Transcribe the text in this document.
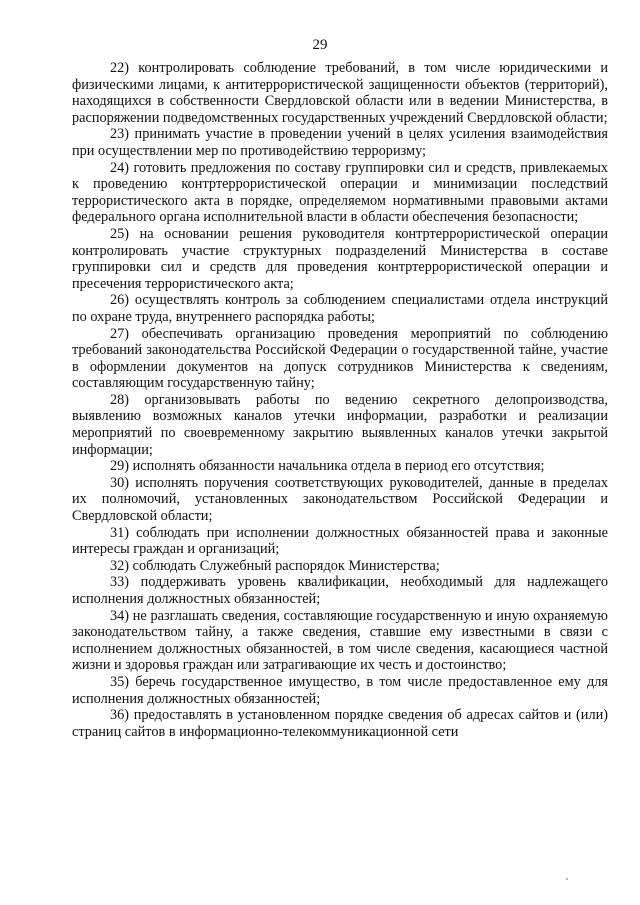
29

22) контролировать соблюдение требований, в том числе юридическими и физическими лицами, к антитеррористической защищенности объектов (территорий), находящихся в собственности Свердловской области или в ведении Министерства, в распоряжении подведомственных государственных учреждений Свердловской области;

23) принимать участие в проведении учений в целях усиления взаимодействия при осуществлении мер по противодействию терроризму;

24) готовить предложения по составу группировки сил и средств, привлекаемых к проведению контртеррористической операции и минимизации последствий террористического акта в порядке, определяемом нормативными правовыми актами федерального органа исполнительной власти в области обеспечения безопасности;

25) на основании решения руководителя контртеррористической операции контролировать участие структурных подразделений Министерства в составе группировки сил и средств для проведения контртеррористической операции и пресечения террористического акта;

26) осуществлять контроль за соблюдением специалистами отдела инструкций по охране труда, внутреннего распорядка работы;

27) обеспечивать организацию проведения мероприятий по соблюдению требований законодательства Российской Федерации о государственной тайне, участие в оформлении документов на допуск сотрудников Министерства к сведениям, составляющим государственную тайну;

28) организовывать работы по ведению секретного делопроизводства, выявлению возможных каналов утечки информации, разработки и реализации мероприятий по своевременному закрытию выявленных каналов утечки закрытой информации;

29) исполнять обязанности начальника отдела в период его отсутствия;

30) исполнять поручения соответствующих руководителей, данные в пределах их полномочий, установленных законодательством Российской Федерации и Свердловской области;

31) соблюдать при исполнении должностных обязанностей права и законные интересы граждан и организаций;

32) соблюдать Служебный распорядок Министерства;

33) поддерживать уровень квалификации, необходимый для надлежащего исполнения должностных обязанностей;

34) не разглашать сведения, составляющие государственную и иную охраняемую законодательством тайну, а также сведения, ставшие ему известными в связи с исполнением должностных обязанностей, в том числе сведения, касающиеся частной жизни и здоровья граждан или затрагивающие их честь и достоинство;

35) беречь государственное имущество, в том числе предоставленное ему для исполнения должностных обязанностей;

36) предоставлять в установленном порядке сведения об адресах сайтов и (или) страниц сайтов в информационно-телекоммуникационной сети
